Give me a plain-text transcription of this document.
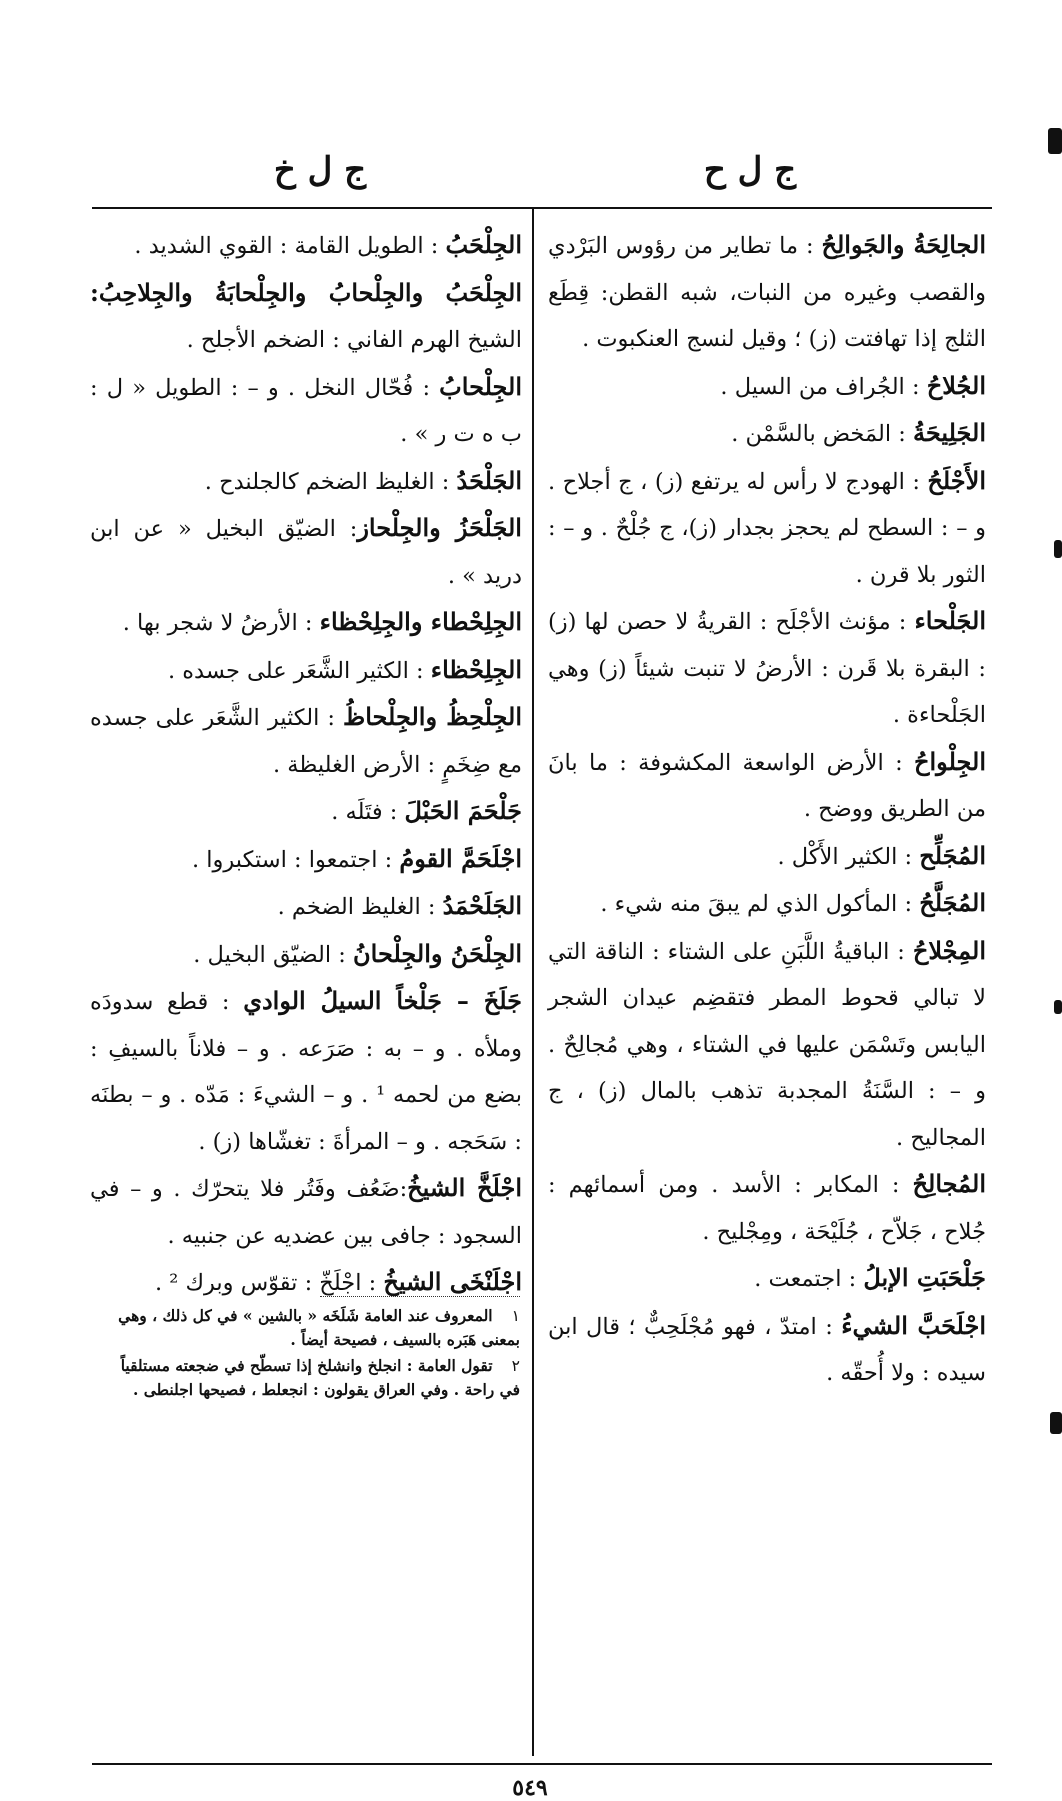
ج ل ح
ج ل خ

الجالِحَةُ والجَوالِحُ : ما تطاير من رؤوس البَرْدي والقصب وغيره من النبات، شبه القطن: قِطَع الثلج إذا تهافتت (ز) ؛ وقيل لنسج العنكبوت .

الجُلاحُ : الجُراف من السيل .

الجَلِيحَةُ : المَخض بالسَّمْن .

الأَجْلَحُ : الهودج لا رأس له يرتفع (ز) ، ج أجلاح . و – : السطح لم يحجز بجدار (ز)، ج جُلْحٌ . و – : الثور بلا قرن .

الجَلْحاء : مؤنث الأجْلَح : القريةُ لا حصن لها (ز) : البقرة بلا قَرن : الأرضُ لا تنبت شيئاً (ز) وهي الجَلْحاءة .

الجِلْواحُ : الأرض الواسعة المكشوفة : ما بانَ من الطريق ووضح .

المُجَلِّح : الكثير الأَكْل .

المُجَلَّحُ : المأكول الذي لم يبقَ منه شيء .

المِجْلاحُ : الباقيةُ اللَّبَنِ على الشتاء : الناقة التي لا تبالي قحوط المطر فتقضِم عيدان الشجر اليابس وتَسْمَن عليها في الشتاء ، وهي مُجالِحٌ . و – : السَّنَةُ المجدبة تذهب بالمال (ز) ، ج المجاليح .

المُجالِحُ : المكابر : الأسد . ومن أسمائهم : جُلاح ، جَلاّح ، جُلَيْحَة ، ومِجْليح .

جَلْحَبَتِ الإبلُ : اجتمعت .

اجْلَحَبَّ الشيءُ : امتدّ ، فهو مُجْلَحِبٌّ ؛ قال ابن سيده : ولا أُحقّه .

الجِلْحَبُ : الطويل القامة : القوي الشديد .

الجِلْحَبُ والجِلْحابُ والجِلْحابَةُ والجِلاحِبُ: الشيخ الهرم الفاني : الضخم الأجلح .

الجِلْحابُ : فُحّال النخل . و – : الطويل « ل : ب ه ت ر » .

الجَلْحَدُ : الغليظ الضخم كالجلندح .

الجَلْحَزُ والجِلْحاز: الضيّق البخيل « عن ابن دريد » .

الجِلِحْطاء والجِلِحْظاء : الأرضُ لا شجر بها .

الجِلِحْظاء : الكثير الشَّعَر على جسده .

الجِلْحِظُ والجِلْحاظُ : الكثير الشَّعَر على جسده مع ضِخَمٍ : الأرض الغليظة .

جَلْحَمَ الحَبْلَ : فتَلَه .

اجْلَحَمَّ القومُ : اجتمعوا : استكبروا .

الجَلَحْمَدُ : الغليظ الضخم .

الجِلْحَنُ والجِلْحانُ : الضيّق البخيل .

جَلَخَ – جَلْخاً السيلُ الوادي : قطع سدودَه وملأه . و – به : صَرَعه . و – فلاناً بالسيفِ : بضع من لحمه ¹ . و – الشيءَ : مَدّه . و – بطنَه : سَحَجه . و – المرأةَ : تغشّاها (ز) .

اجْلَخَّ الشيخُ:ضَعُف وفَتُر فلا يتحرّك . و – في السجود : جافى بين عضديه عن جنبيه .

اجْلَنْخَى الشيخُ : اجْلَخّ : تقوّس وبرك ² .

١ المعروف عند العامة شَلَخَه « بالشين » في كل ذلك ، وهي بمعنى هَبَره بالسيف ، فصيحة أيضاً .
٢ تقول العامة : انجلخ وانشلخ إذا تسطّح في ضجعته مستلقياً في راحة . وفي العراق يقولون : انجعلط ، فصيحها اجلنطى .
٥٤٩
